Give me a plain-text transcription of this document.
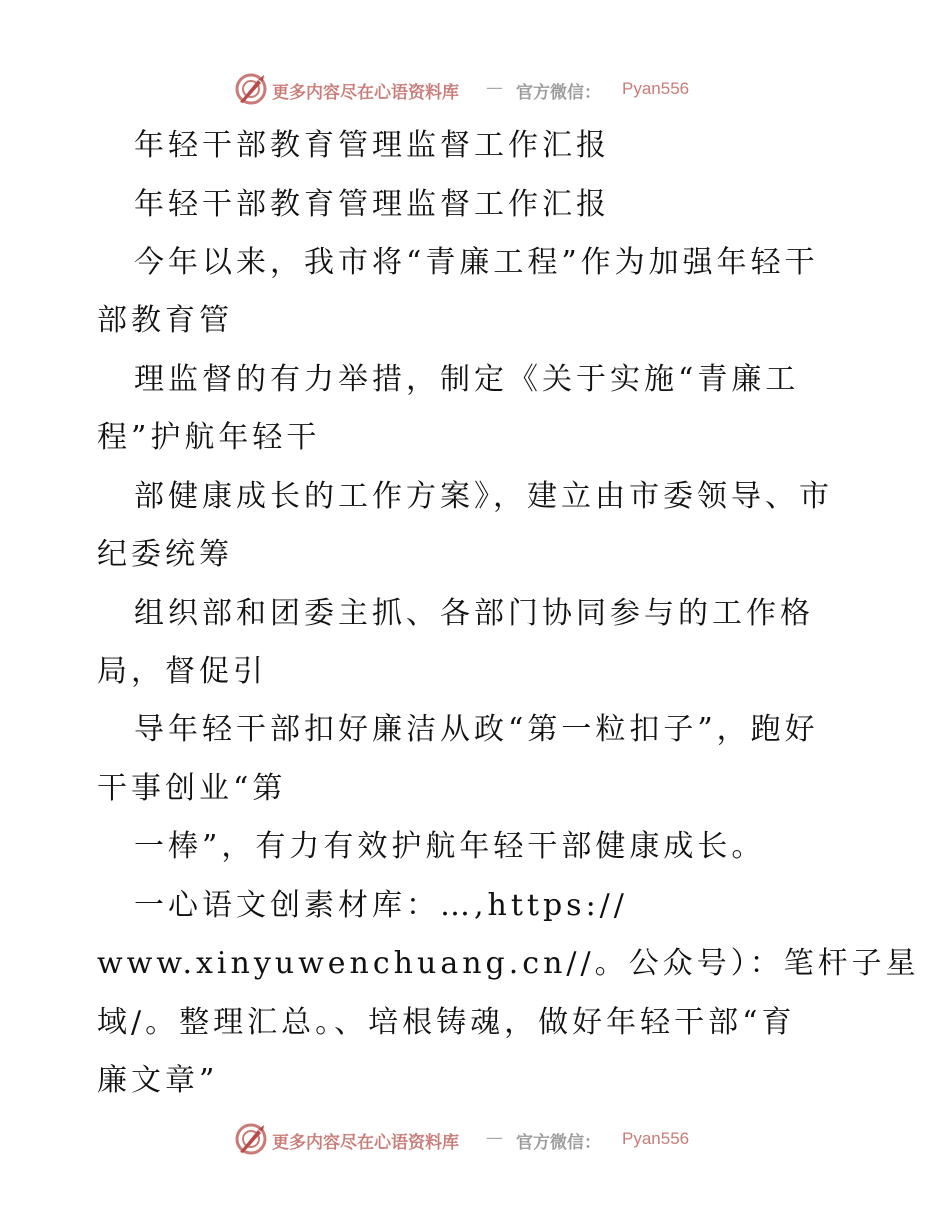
更多内容尽在心语资料库 — 官方微信： Pyan556
年轻干部教育管理监督工作汇报
年轻干部教育管理监督工作汇报
今年以来，我市将“青廉工程”作为加强年轻干
部教育管
理监督的有力举措，制定《关于实施“青廉工
程”护航年轻干
部健康成长的工作方案》，建立由市委领导、市
纪委统筹
组织部和团委主抓、各部门协同参与的工作格
局，督促引
导年轻干部扣好廉洁从政“第一粒扣子”，跑好
干事创业“第
一棒”，有力有效护航年轻干部健康成长。
一心语文创素材库：…,https://
www.xinyuwenchuang.cn//。公众号）：笔杆子星
域/。整理汇总。、培根铸魂，做好年轻干部“育
廉文章”
更多内容尽在心语资料库 — 官方微信： Pyan556
